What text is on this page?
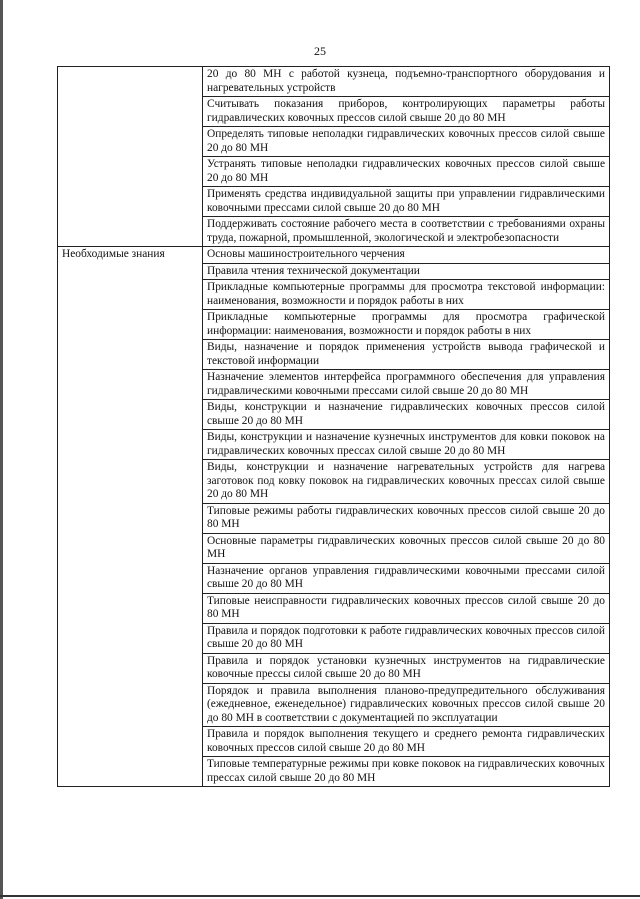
25
	20 до 80 МН с работой кузнеца, подъемно-транспортного оборудования и нагревательных устройств
	Считывать показания приборов, контролирующих параметры работы гидравлических ковочных прессов силой свыше 20 до 80 МН
	Определять типовые неполадки гидравлических ковочных прессов силой свыше 20 до 80 МН
	Устранять типовые неполадки гидравлических ковочных прессов силой свыше 20 до 80 МН
	Применять средства индивидуальной защиты при управлении гидравлическими ковочными прессами силой свыше 20 до 80 МН
	Поддерживать состояние рабочего места в соответствии с требованиями охраны труда, пожарной, промышленной, экологической и электробезопасности
Необходимые знания	Основы машиностроительного черчения
	Правила чтения технической документации
	Прикладные компьютерные программы для просмотра текстовой информации: наименования, возможности и порядок работы в них
	Прикладные компьютерные программы для просмотра графической информации: наименования, возможности и порядок работы в них
	Виды, назначение и порядок применения устройств вывода графической и текстовой информации
	Назначение элементов интерфейса программного обеспечения для управления гидравлическими ковочными прессами силой свыше 20 до 80 МН
	Виды, конструкции и назначение гидравлических ковочных прессов силой свыше 20 до 80 МН
	Виды, конструкции и назначение кузнечных инструментов для ковки поковок на гидравлических ковочных прессах силой свыше 20 до 80 МН
	Виды, конструкции и назначение нагревательных устройств для нагрева заготовок под ковку поковок на гидравлических ковочных прессах силой свыше 20 до 80 МН
	Типовые режимы работы гидравлических ковочных прессов силой свыше 20 до 80 МН
	Основные параметры гидравлических ковочных прессов силой свыше 20 до 80 МН
	Назначение органов управления гидравлическими ковочными прессами силой свыше 20 до 80 МН
	Типовые неисправности гидравлических ковочных прессов силой свыше 20 до 80 МН
	Правила и порядок подготовки к работе гидравлических ковочных прессов силой свыше 20 до 80 МН
	Правила и порядок установки кузнечных инструментов на гидравлические ковочные прессы силой свыше 20 до 80 МН
	Порядок и правила выполнения планово-предупредительного обслуживания (ежедневное, еженедельное) гидравлических ковочных прессов силой свыше 20 до 80 МН в соответствии с документацией по эксплуатации
	Правила и порядок выполнения текущего и среднего ремонта гидравлических ковочных прессов силой свыше 20 до 80 МН
	Типовые температурные режимы при ковке поковок на гидравлических ковочных прессах силой свыше 20 до 80 МН
